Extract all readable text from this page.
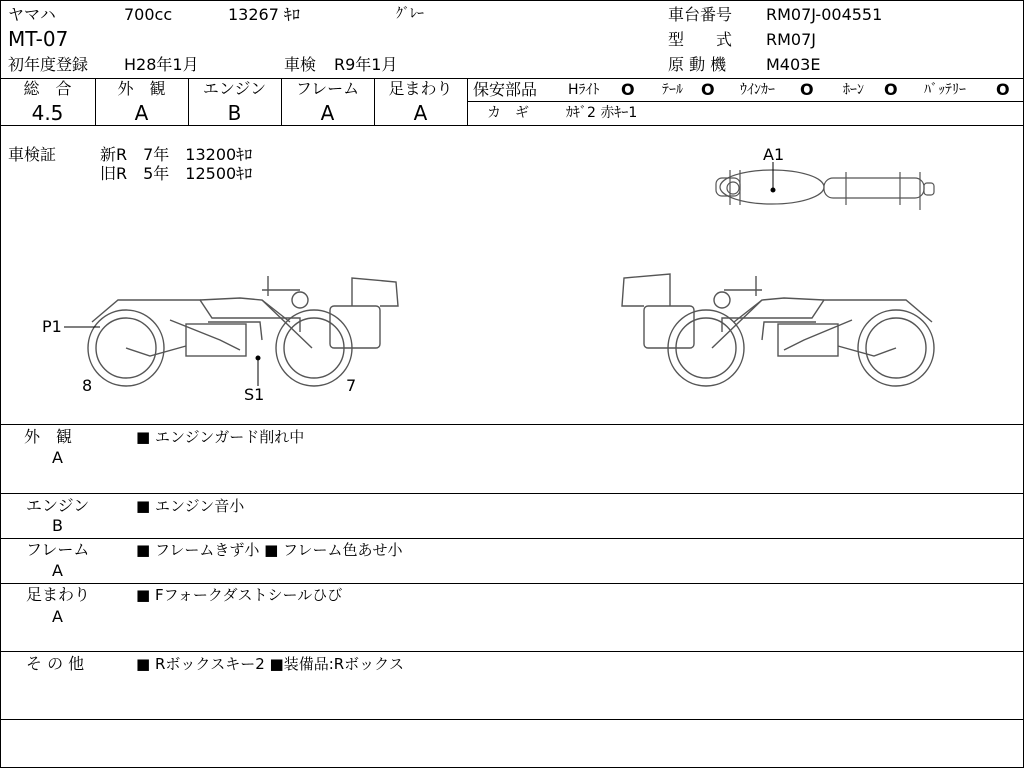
ヤマハ	700cc	13267 ｷﾛ	ｸﾞﾚｰ
MT-07
初年度登録 H28年1月	車検 R9年1月
車台番号 RM07J-004551
型　　式 RM07J
原 動 機 M403E
総　合
4.5
外　観
A
エンジン
B
フレーム
A
足まわり
A
保安部品 Hﾗｲﾄ O ﾃｰﾙ O ｳｲﾝｶｰ O ﾎｰﾝ O ﾊﾞｯﾃﾘｰ O
カ　ギ	ｶｷﾞ2 赤ｷｰ1
車検証	新R　7年　13200ｷﾛ
旧R　5年　12500ｷﾛ
A1
P1
S1
8	7
外　観
A
■ エンジンガード削れ中
エンジン
B
■ エンジン音小
フレーム
A
■ フレームきず小 ■ フレーム色あせ小
足まわり
A
■ Fフォークダストシールひび
そ の 他	■ Rボックスキー2 ■装備品:Rボックス
